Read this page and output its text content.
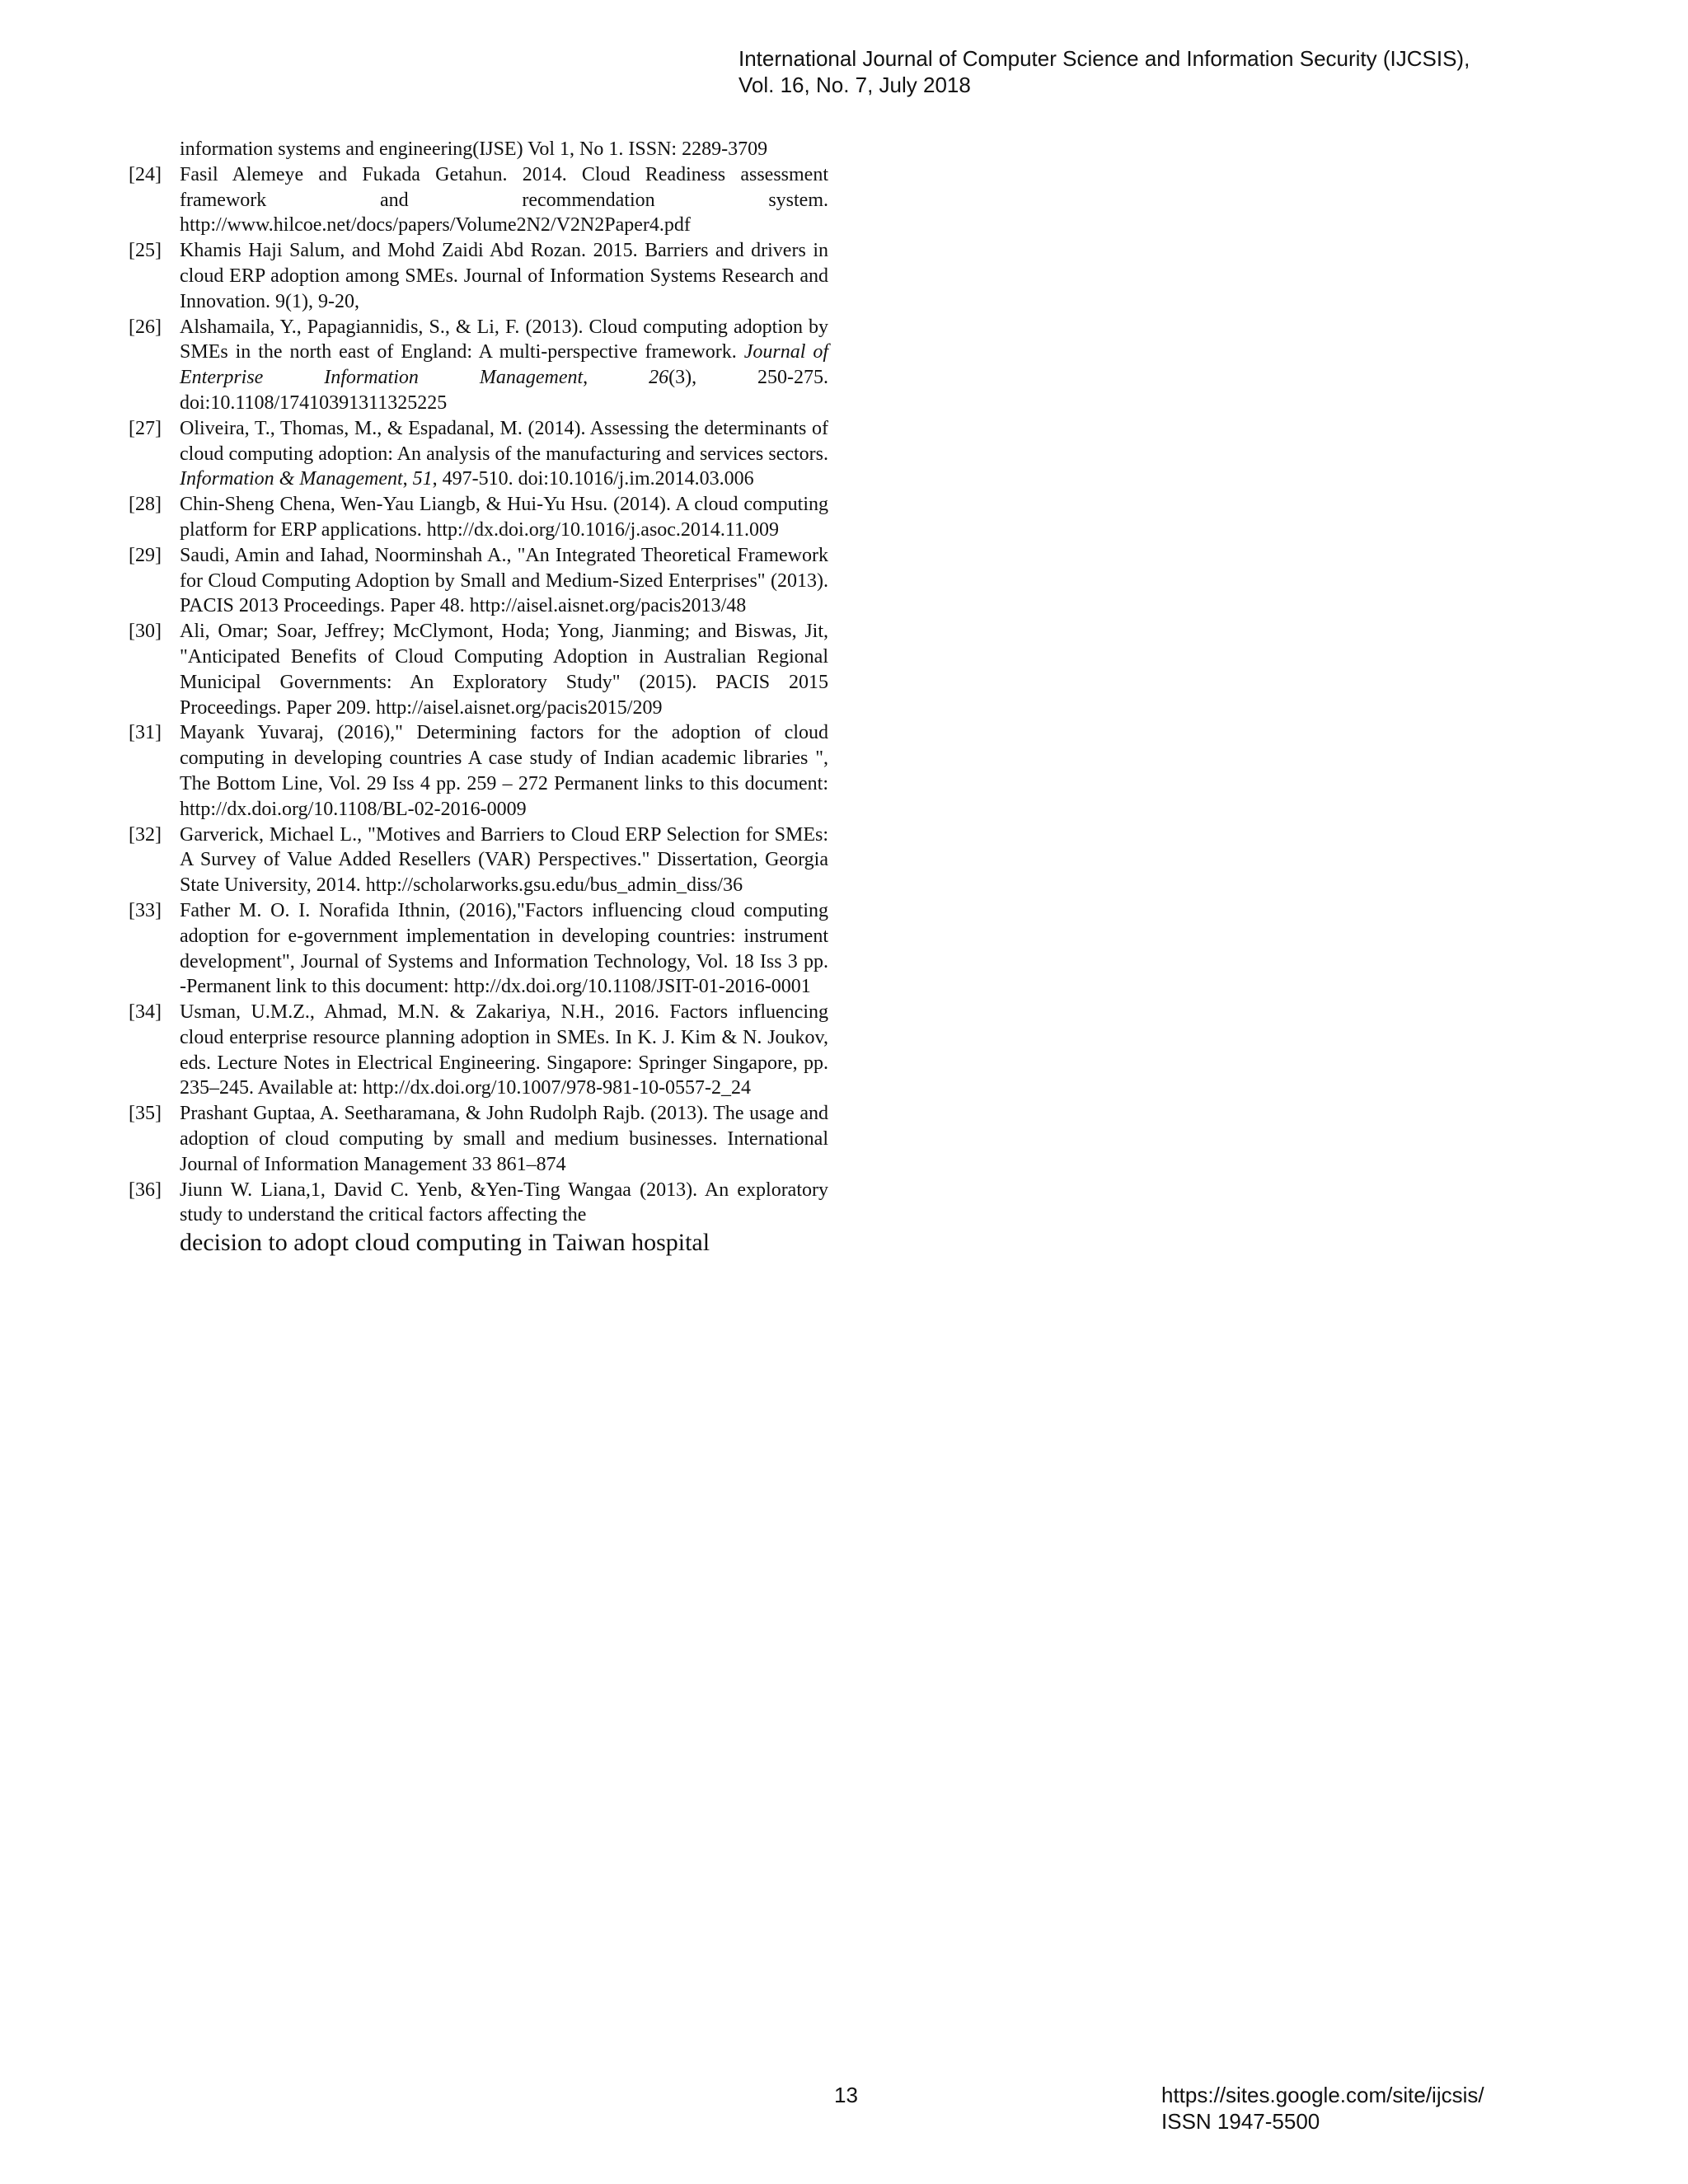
International Journal of Computer Science and Information Security (IJCSIS),
Vol. 16, No. 7, July 2018
information systems and engineering(IJSE) Vol 1, No 1. ISSN: 2289-3709
[24] Fasil Alemeye and Fukada Getahun. 2014. Cloud Readiness assessment framework and recommendation system. http://www.hilcoe.net/docs/papers/Volume2N2/V2N2Paper4.pdf
[25] Khamis Haji Salum, and Mohd Zaidi Abd Rozan. 2015. Barriers and drivers in cloud ERP adoption among SMEs. Journal of Information Systems Research and Innovation. 9(1), 9-20,
[26] Alshamaila, Y., Papagiannidis, S., & Li, F. (2013). Cloud computing adoption by SMEs in the north east of England: A multi-perspective framework. Journal of Enterprise Information Management, 26(3), 250-275. doi:10.1108/17410391311325225
[27] Oliveira, T., Thomas, M., & Espadanal, M. (2014). Assessing the determinants of cloud computing adoption: An analysis of the manufacturing and services sectors. Information & Management, 51, 497-510. doi:10.1016/j.im.2014.03.006
[28] Chin-Sheng Chena, Wen-Yau Liangb, & Hui-Yu Hsu. (2014). A cloud computing platform for ERP applications. http://dx.doi.org/10.1016/j.asoc.2014.11.009
[29] Saudi, Amin and Iahad, Noorminshah A., "An Integrated Theoretical Framework for Cloud Computing Adoption by Small and Medium-Sized Enterprises" (2013). PACIS 2013 Proceedings. Paper 48. http://aisel.aisnet.org/pacis2013/48
[30] Ali, Omar; Soar, Jeffrey; McClymont, Hoda; Yong, Jianming; and Biswas, Jit, "Anticipated Benefits of Cloud Computing Adoption in Australian Regional Municipal Governments: An Exploratory Study" (2015). PACIS 2015 Proceedings. Paper 209. http://aisel.aisnet.org/pacis2015/209
[31] Mayank Yuvaraj, (2016)," Determining factors for the adoption of cloud computing in developing countries A case study of Indian academic libraries ", The Bottom Line, Vol. 29 Iss 4 pp. 259 – 272 Permanent links to this document: http://dx.doi.org/10.1108/BL-02-2016-0009
[32] Garverick, Michael L., "Motives and Barriers to Cloud ERP Selection for SMEs: A Survey of Value Added Resellers (VAR) Perspectives." Dissertation, Georgia State University, 2014. http://scholarworks.gsu.edu/bus_admin_diss/36
[33] Father M. O. I. Norafida Ithnin, (2016),"Factors influencing cloud computing adoption for e-government implementation in developing countries: instrument development", Journal of Systems and Information Technology, Vol. 18 Iss 3 pp. -Permanent link to this document: http://dx.doi.org/10.1108/JSIT-01-2016-0001
[34] Usman, U.M.Z., Ahmad, M.N. & Zakariya, N.H., 2016. Factors influencing cloud enterprise resource planning adoption in SMEs. In K. J. Kim & N. Joukov, eds. Lecture Notes in Electrical Engineering. Singapore: Springer Singapore, pp. 235–245. Available at: http://dx.doi.org/10.1007/978-981-10-0557-2_24
[35] Prashant Guptaa, A. Seetharamana, & John Rudolph Rajb. (2013). The usage and adoption of cloud computing by small and medium businesses. International Journal of Information Management 33 861–874
[36] Jiunn W. Liana,1, David C. Yenb, &Yen-Ting Wangaa (2013). An exploratory study to understand the critical factors affecting the
decision to adopt cloud computing in Taiwan hospital
13	https://sites.google.com/site/ijcsis/
ISSN 1947-5500
